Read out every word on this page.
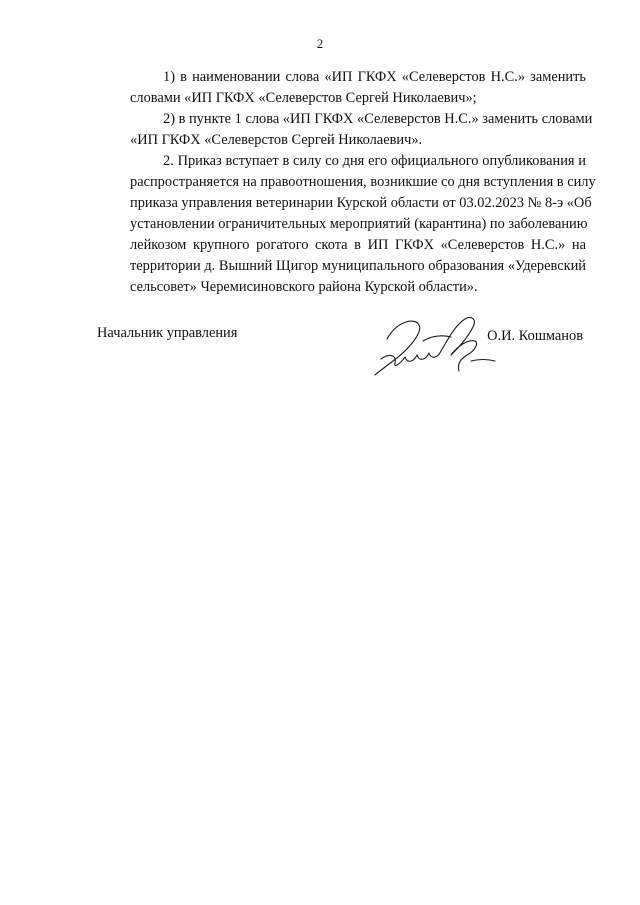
2

1) в наименовании слова «ИП ГКФХ «Селеверстов Н.С.» заменить
словами «ИП ГКФХ «Селеверстов Сергей Николаевич»;

2) в пункте 1 слова «ИП ГКФХ «Селеверстов Н.С.» заменить словами
«ИП ГКФХ «Селеверстов Сергей Николаевич».

2. Приказ вступает в силу со дня его официального опубликования и
распространяется на правоотношения, возникшие со дня вступления в силу
приказа управления ветеринарии Курской области от 03.02.2023 № 8-э «Об
установлении ограничительных мероприятий (карантина) по заболеванию
лейкозом крупного рогатого скота в ИП ГКФХ «Селеверстов Н.С.» на
территории д. Вышний Щигор муниципального образования «Удеревский
сельсовет» Черемисиновского района Курской области».

Начальник управления	О.И. Кошманов
